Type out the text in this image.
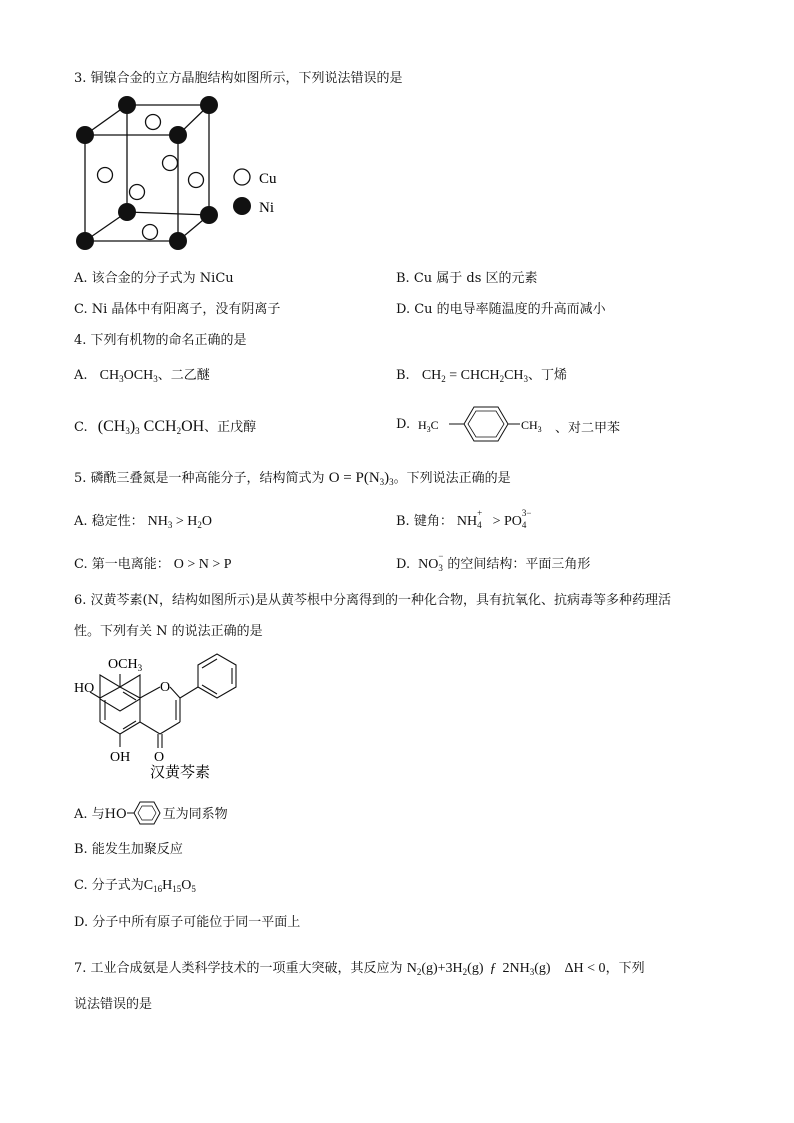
3. 铜镍合金的立方晶胞结构如图所示，下列说法错误的是
Cu
Ni
A. 该合金的分子式为 NiCu	B. Cu 属于 ds 区的元素
C. Ni 晶体中有阳离子，没有阴离子	D. Cu 的电导率随温度的升高而减小
4. 下列有机物的命名正确的是
A. $CH_3OCH_3$、二乙醚	B. $CH_2$ = $CHCH_2CH_3$、丁烯
C. $(CH_3)_3$ $CCH_2OH$、正戊醇	D. $H_3C$	$CH_3$ 、对二甲苯
5. 磷酰三叠氮是一种高能分子，结构简式为 $O = P(N_3)_3$。下列说法正确的是
A. 稳定性： $NH_3 > H_2O$	B. 键角： NH
+
4 > PO
3−
4
C. 第一电离能： O > N > P	D. NO
−
3 的空间结构：平面三角形
6. 汉黄芩素(N，结构如图所示)是从黄芩根中分离得到的一种化合物，具有抗氧化、抗病毒等多种药理活
性。下列有关 N 的说法正确的是
$OCH_3$
HO	O
OH O
汉黄芩素
A. 与HO	互为同系物
B. 能发生加聚反应
C. 分子式为$C_{16}H_{15}O_5$
D. 分子中所有原子可能位于同一平面上
7. 工业合成氨是人类科学技术的一项重大突破，其反应为 $N_2(g)+3H_2(g)$ ƒ $2NH_3(g)$    ΔH < 0，下列
说法错误的是
